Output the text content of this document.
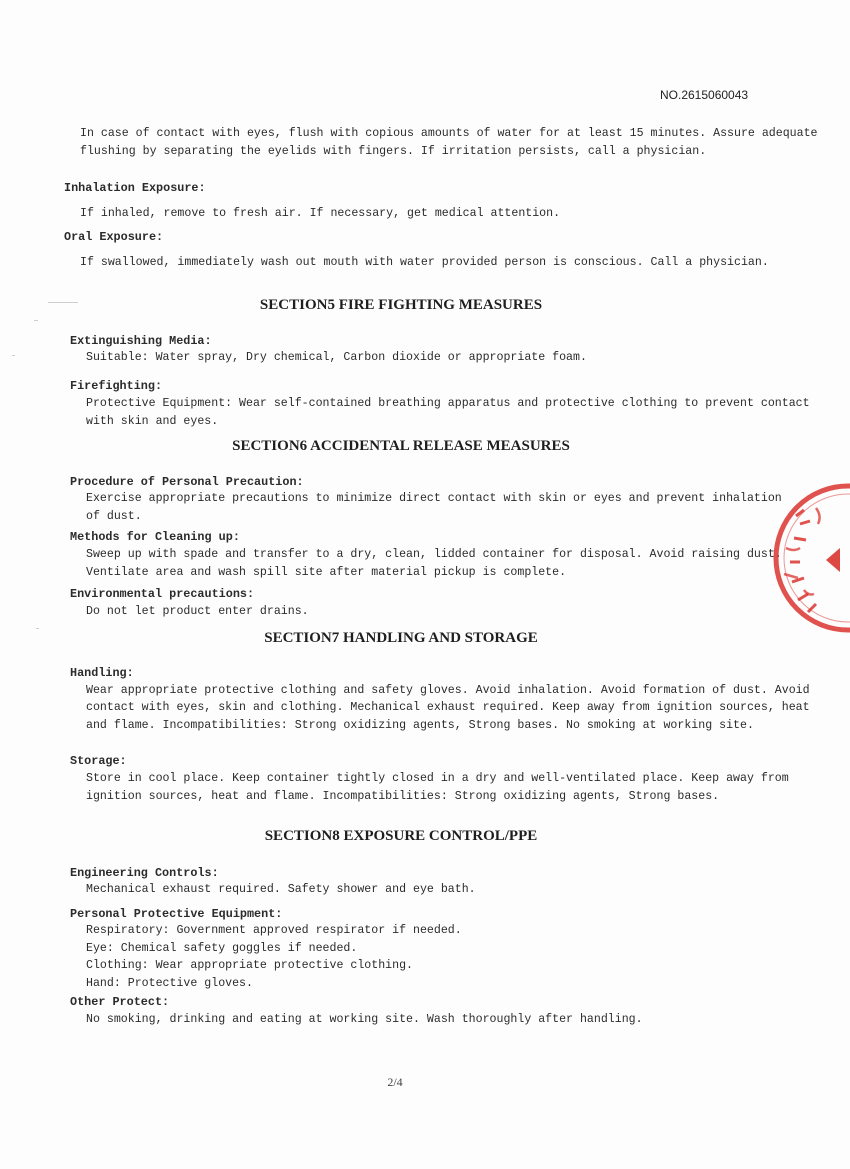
NO.2615060043
In case of contact with eyes, flush with copious amounts of water for at least 15 minutes. Assure adequate
flushing by separating the eyelids with fingers. If irritation persists, call a physician.
Inhalation Exposure:
If inhaled, remove to fresh air. If necessary, get medical attention.
Oral Exposure:
If swallowed, immediately wash out mouth with water provided person is conscious. Call a physician.
SECTION5 FIRE FIGHTING MEASURES
Extinguishing Media:
Suitable: Water spray, Dry chemical, Carbon dioxide or appropriate foam.
Firefighting:
Protective Equipment: Wear self-contained breathing apparatus and protective clothing to prevent contact
with skin and eyes.
SECTION6 ACCIDENTAL RELEASE MEASURES
Procedure of Personal Precaution:
Exercise appropriate precautions to minimize direct contact with skin or eyes and prevent inhalation
of dust.
Methods for Cleaning up:
Sweep up with spade and transfer to a dry, clean, lidded container for disposal. Avoid raising dust.
Ventilate area and wash spill site after material pickup is complete.
Environmental precautions:
Do not let product enter drains.
SECTION7 HANDLING AND STORAGE
Handling:
Wear appropriate protective clothing and safety gloves. Avoid inhalation. Avoid formation of dust. Avoid
contact with eyes, skin and clothing. Mechanical exhaust required. Keep away from ignition sources, heat
and flame. Incompatibilities: Strong oxidizing agents, Strong bases. No smoking at working site.
Storage:
Store in cool place. Keep container tightly closed in a dry and well-ventilated place. Keep away from
ignition sources, heat and flame. Incompatibilities: Strong oxidizing agents, Strong bases.
SECTION8 EXPOSURE CONTROL/PPE
Engineering Controls:
Mechanical exhaust required. Safety shower and eye bath.
Personal Protective Equipment:
Respiratory: Government approved respirator if needed.
Eye: Chemical safety goggles if needed.
Clothing: Wear appropriate protective clothing.
Hand: Protective gloves.
Other Protect:
No smoking, drinking and eating at working site. Wash thoroughly after handling.
2/4
